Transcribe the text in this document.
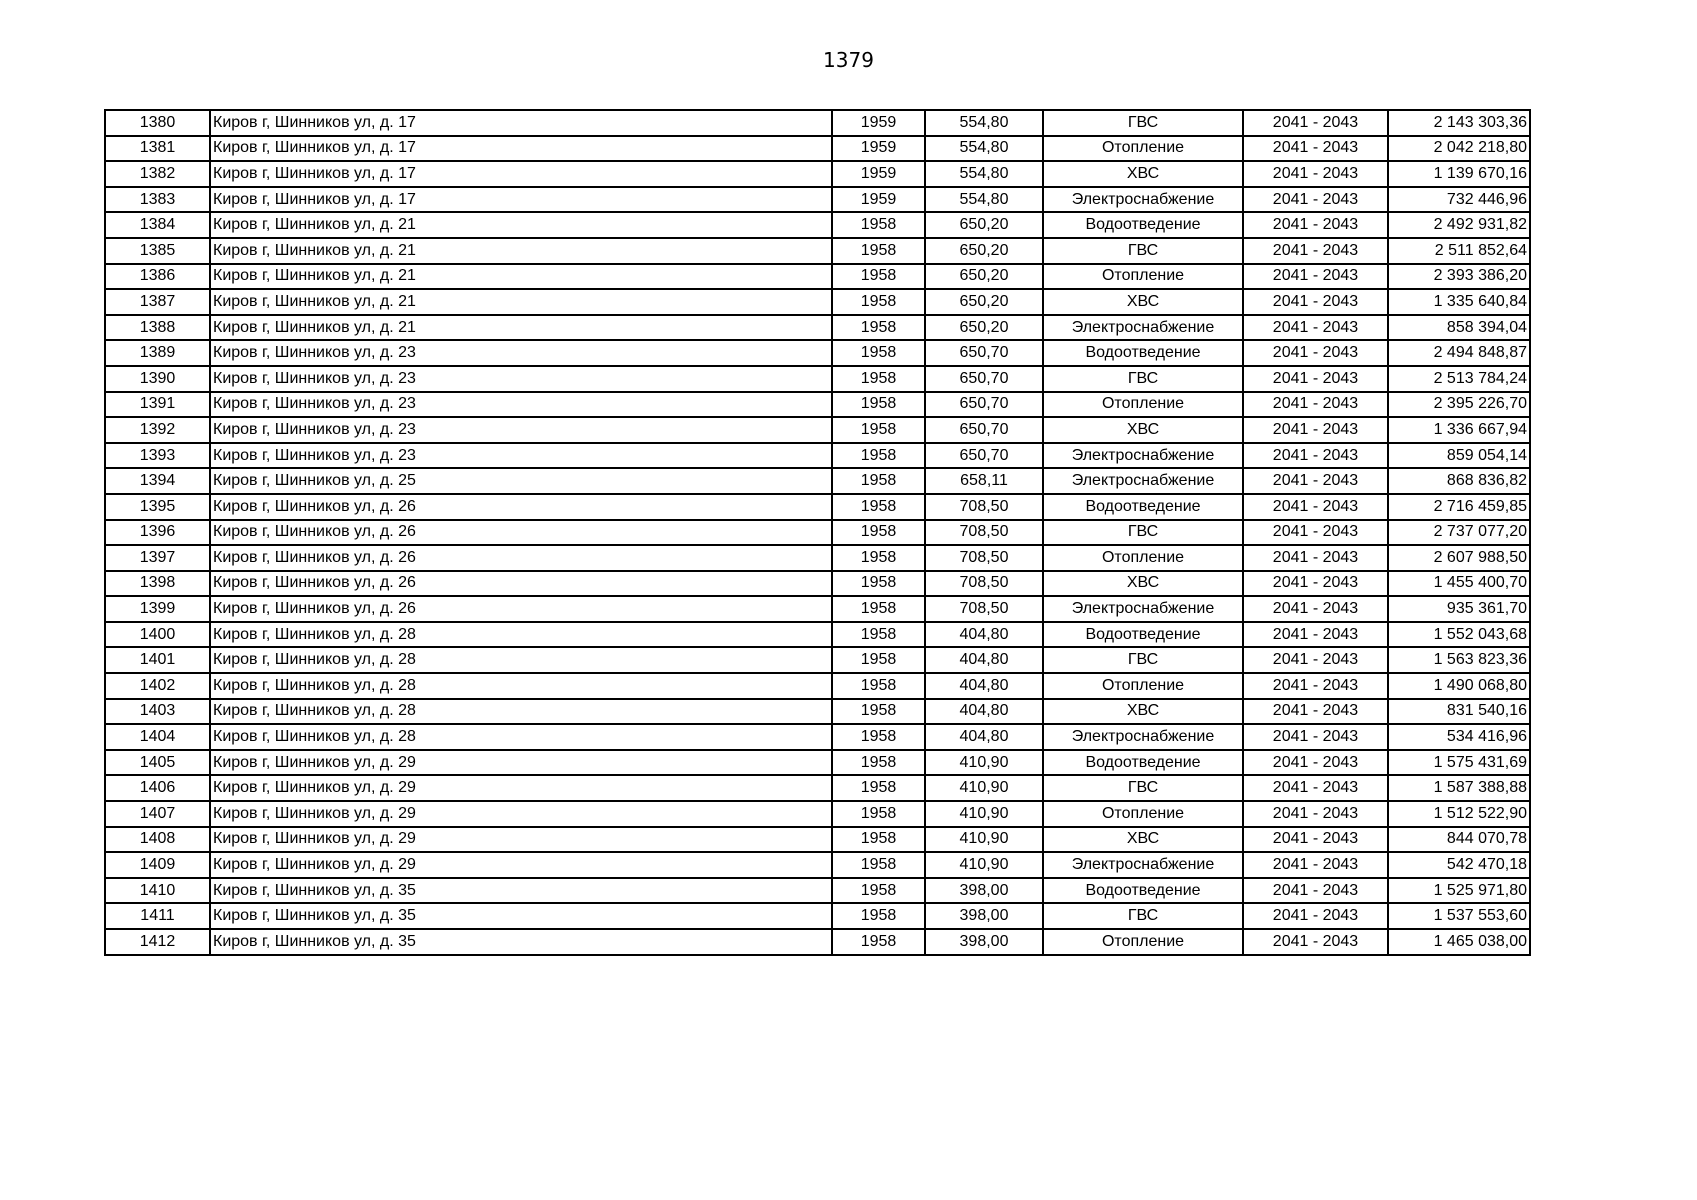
1379
1380	Киров г, Шинников ул, д. 17	1959	554,80	ГВС	2041 - 2043	2 143 303,36
1381	Киров г, Шинников ул, д. 17	1959	554,80	Отопление	2041 - 2043	2 042 218,80
1382	Киров г, Шинников ул, д. 17	1959	554,80	ХВС	2041 - 2043	1 139 670,16
1383	Киров г, Шинников ул, д. 17	1959	554,80	Электроснабжение	2041 - 2043	732 446,96
1384	Киров г, Шинников ул, д. 21	1958	650,20	Водоотведение	2041 - 2043	2 492 931,82
1385	Киров г, Шинников ул, д. 21	1958	650,20	ГВС	2041 - 2043	2 511 852,64
1386	Киров г, Шинников ул, д. 21	1958	650,20	Отопление	2041 - 2043	2 393 386,20
1387	Киров г, Шинников ул, д. 21	1958	650,20	ХВС	2041 - 2043	1 335 640,84
1388	Киров г, Шинников ул, д. 21	1958	650,20	Электроснабжение	2041 - 2043	858 394,04
1389	Киров г, Шинников ул, д. 23	1958	650,70	Водоотведение	2041 - 2043	2 494 848,87
1390	Киров г, Шинников ул, д. 23	1958	650,70	ГВС	2041 - 2043	2 513 784,24
1391	Киров г, Шинников ул, д. 23	1958	650,70	Отопление	2041 - 2043	2 395 226,70
1392	Киров г, Шинников ул, д. 23	1958	650,70	ХВС	2041 - 2043	1 336 667,94
1393	Киров г, Шинников ул, д. 23	1958	650,70	Электроснабжение	2041 - 2043	859 054,14
1394	Киров г, Шинников ул, д. 25	1958	658,11	Электроснабжение	2041 - 2043	868 836,82
1395	Киров г, Шинников ул, д. 26	1958	708,50	Водоотведение	2041 - 2043	2 716 459,85
1396	Киров г, Шинников ул, д. 26	1958	708,50	ГВС	2041 - 2043	2 737 077,20
1397	Киров г, Шинников ул, д. 26	1958	708,50	Отопление	2041 - 2043	2 607 988,50
1398	Киров г, Шинников ул, д. 26	1958	708,50	ХВС	2041 - 2043	1 455 400,70
1399	Киров г, Шинников ул, д. 26	1958	708,50	Электроснабжение	2041 - 2043	935 361,70
1400	Киров г, Шинников ул, д. 28	1958	404,80	Водоотведение	2041 - 2043	1 552 043,68
1401	Киров г, Шинников ул, д. 28	1958	404,80	ГВС	2041 - 2043	1 563 823,36
1402	Киров г, Шинников ул, д. 28	1958	404,80	Отопление	2041 - 2043	1 490 068,80
1403	Киров г, Шинников ул, д. 28	1958	404,80	ХВС	2041 - 2043	831 540,16
1404	Киров г, Шинников ул, д. 28	1958	404,80	Электроснабжение	2041 - 2043	534 416,96
1405	Киров г, Шинников ул, д. 29	1958	410,90	Водоотведение	2041 - 2043	1 575 431,69
1406	Киров г, Шинников ул, д. 29	1958	410,90	ГВС	2041 - 2043	1 587 388,88
1407	Киров г, Шинников ул, д. 29	1958	410,90	Отопление	2041 - 2043	1 512 522,90
1408	Киров г, Шинников ул, д. 29	1958	410,90	ХВС	2041 - 2043	844 070,78
1409	Киров г, Шинников ул, д. 29	1958	410,90	Электроснабжение	2041 - 2043	542 470,18
1410	Киров г, Шинников ул, д. 35	1958	398,00	Водоотведение	2041 - 2043	1 525 971,80
1411	Киров г, Шинников ул, д. 35	1958	398,00	ГВС	2041 - 2043	1 537 553,60
1412	Киров г, Шинников ул, д. 35	1958	398,00	Отопление	2041 - 2043	1 465 038,00
